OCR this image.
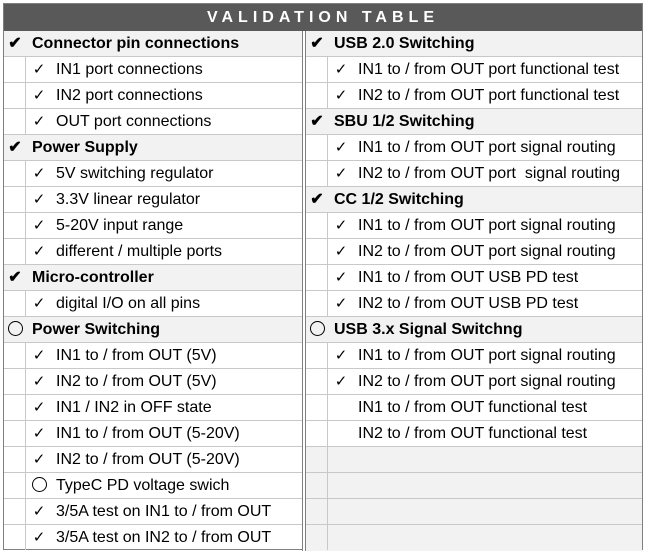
VALIDATION TABLE
✔ Connector pin connections
✓ IN1 port connections
✓ IN2 port connections
✓ OUT port connections
✔ Power Supply
✓ 5V switching regulator
✓ 3.3V linear regulator
✓ 5-20V input range
✓ different / multiple ports
✔ Micro-controller
✓ digital I/O on all pins
Power Switching
✓ IN1 to / from OUT (5V)
✓ IN2 to / from OUT (5V)
✓ IN1 / IN2 in OFF state
✓ IN1 to / from OUT (5-20V)
✓ IN2 to / from OUT (5-20V)
TypeC PD voltage swich
✓ 3/5A test on IN1 to / from OUT
✓ 3/5A test on IN2 to / from OUT
✔ USB 2.0 Switching
✓ IN1 to / from OUT port functional test
✓ IN2 to / from OUT port functional test
✔ SBU 1/2 Switching
✓ IN1 to / from OUT port signal routing
✓ IN2 to / from OUT port  signal routing
✔ CC 1/2 Switching
✓ IN1 to / from OUT port signal routing
✓ IN2 to / from OUT port signal routing
✓ IN1 to / from OUT USB PD test
✓ IN2 to / from OUT USB PD test
USB 3.x Signal Switchng
✓ IN1 to / from OUT port signal routing
✓ IN2 to / from OUT port signal routing
IN1 to / from OUT functional test
IN2 to / from OUT functional test
